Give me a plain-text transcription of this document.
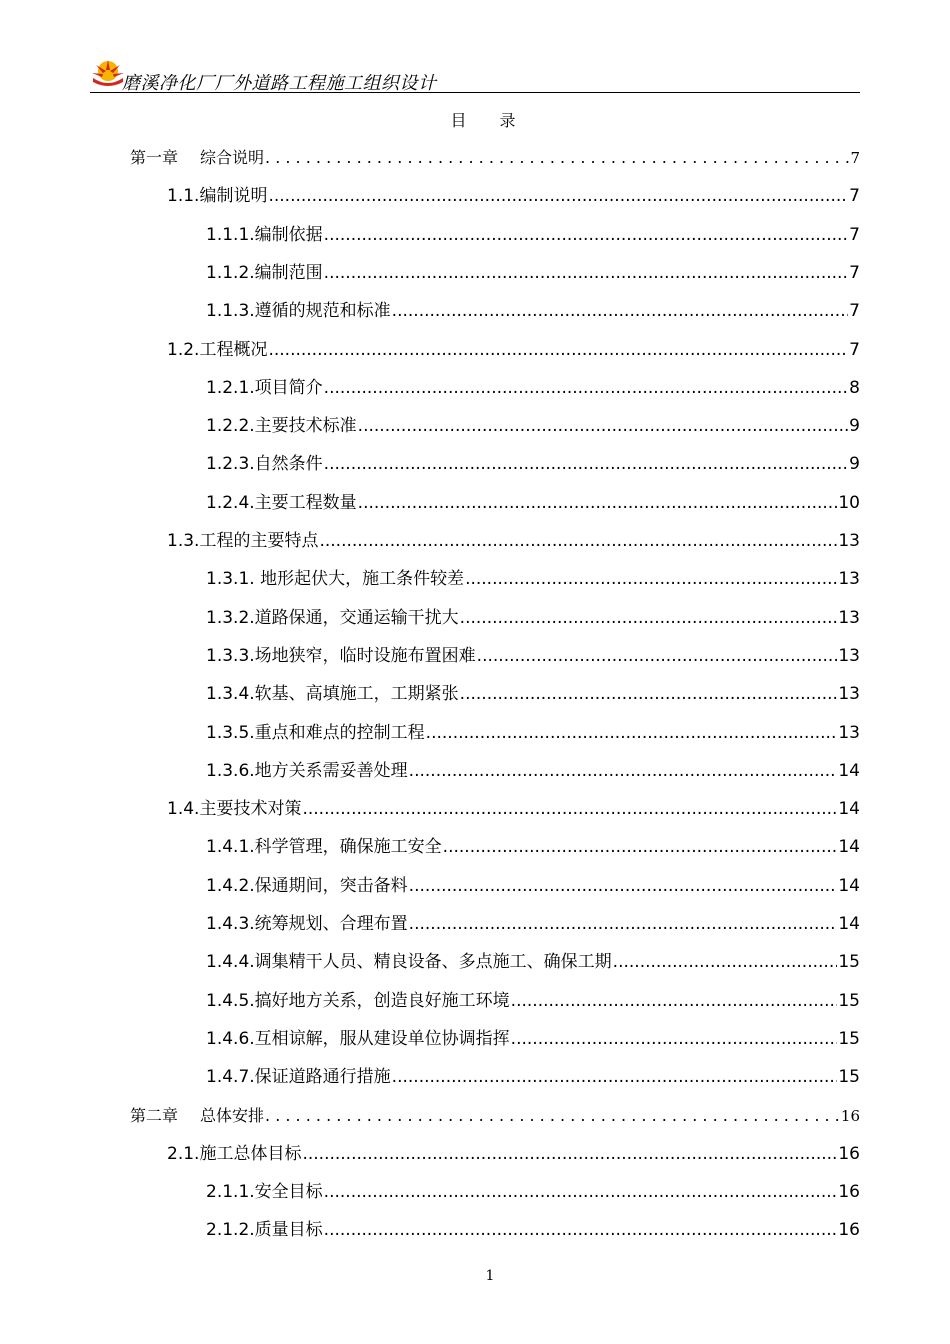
磨溪净化厂厂外道路工程施工组织设计
目 录
第一章 综合说明 . . .	7
1.1.编制说明 .....	7
1.1.1.编制依据 .....	7
1.1.2.编制范围 .....	7
1.1.3.遵循的规范和标准 .....	7
1.2.工程概况 .....	7
1.2.1.项目简介 .....	8
1.2.2.主要技术标准 .....	9
1.2.3.自然条件 .....	9
1.2.4.主要工程数量 .....	10
1.3.工程的主要特点 .....	13
1.3.1. 地形起伏大，施工条件较差 .....	13
1.3.2.道路保通，交通运输干扰大 .....	13
1.3.3.场地狭窄，临时设施布置困难 .....	13
1.3.4.软基、高填施工，工期紧张 .....	13
1.3.5.重点和难点的控制工程 .....	13
1.3.6.地方关系需妥善处理 .....	14
1.4.主要技术对策 .....	14
1.4.1.科学管理，确保施工安全 .....	14
1.4.2.保通期间，突击备料 .....	14
1.4.3.统筹规划、合理布置 .....	14
1.4.4.调集精干人员、精良设备、多点施工、确保工期 .....	15
1.4.5.搞好地方关系，创造良好施工环境 .....	15
1.4.6.互相谅解，服从建设单位协调指挥 .....	15
1.4.7.保证道路通行措施 .....	15
第二章 总体安排 . . .	16
2.1.施工总体目标 .....	16
2.1.1.安全目标 .....	16
2.1.2.质量目标 .....	16
1
